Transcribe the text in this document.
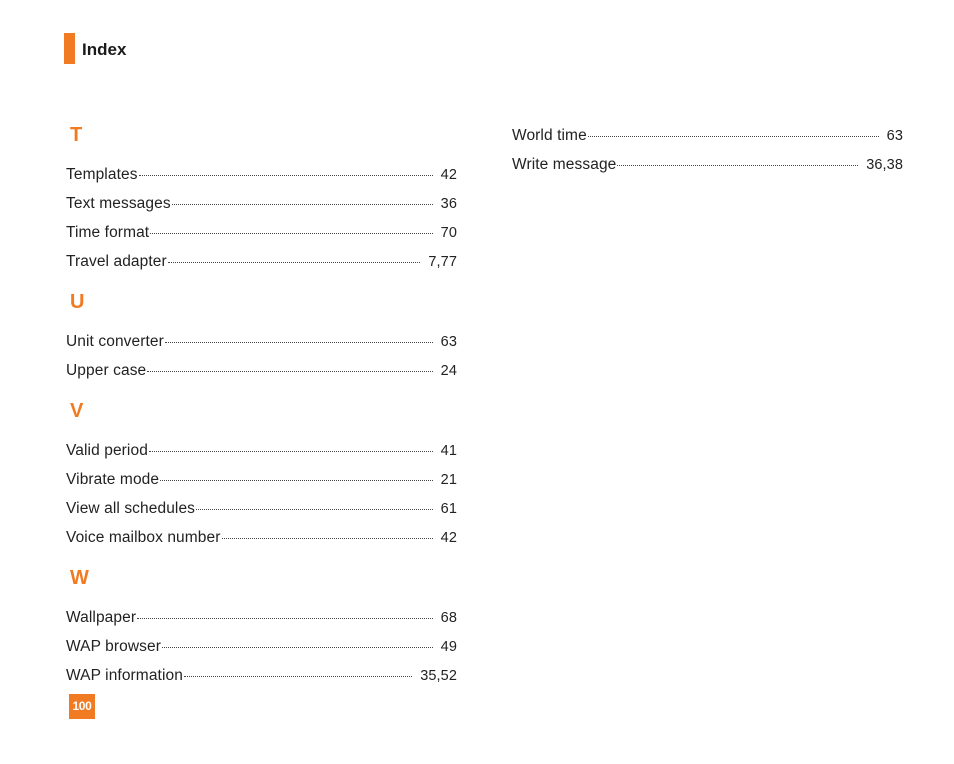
Index
T
Templates	42
Text messages	36
Time format	70
Travel adapter	7,77
U
Unit converter	63
Upper case	24
V
Valid period	41
Vibrate mode	21
View all schedules	61
Voice mailbox number	42
W
Wallpaper	68
WAP browser	49
WAP information	35,52
World time	63
Write message	36,38
100
